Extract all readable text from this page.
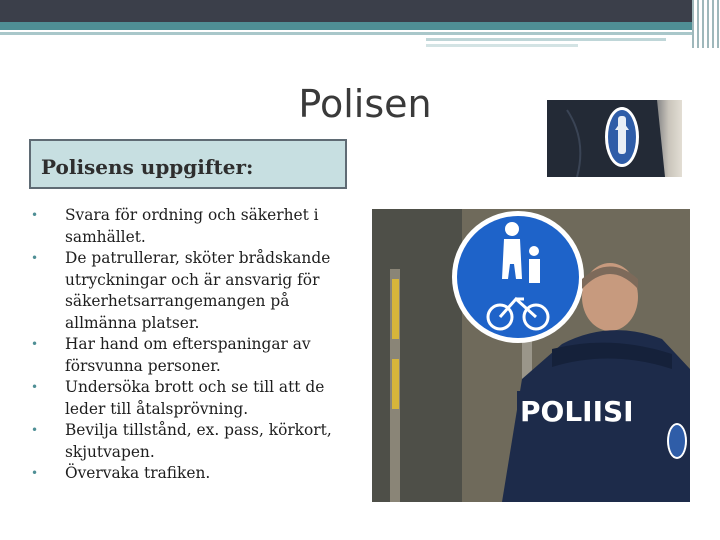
Polisen
Polisens uppgifter:
• Svara för ordning och säkerhet i samhället.
• De patrullerar, sköter brådskande utryckningar och är ansvarig för säkerhetsarrangemangen på allmänna platser.
• Har hand om efterspaningar av försvunna personer.
• Undersöka brott och se till att de leder till åtalsprövning.
• Bevilja tillstånd, ex. pass, körkort, skjutvapen.
• Övervaka trafiken.
POLIISI
